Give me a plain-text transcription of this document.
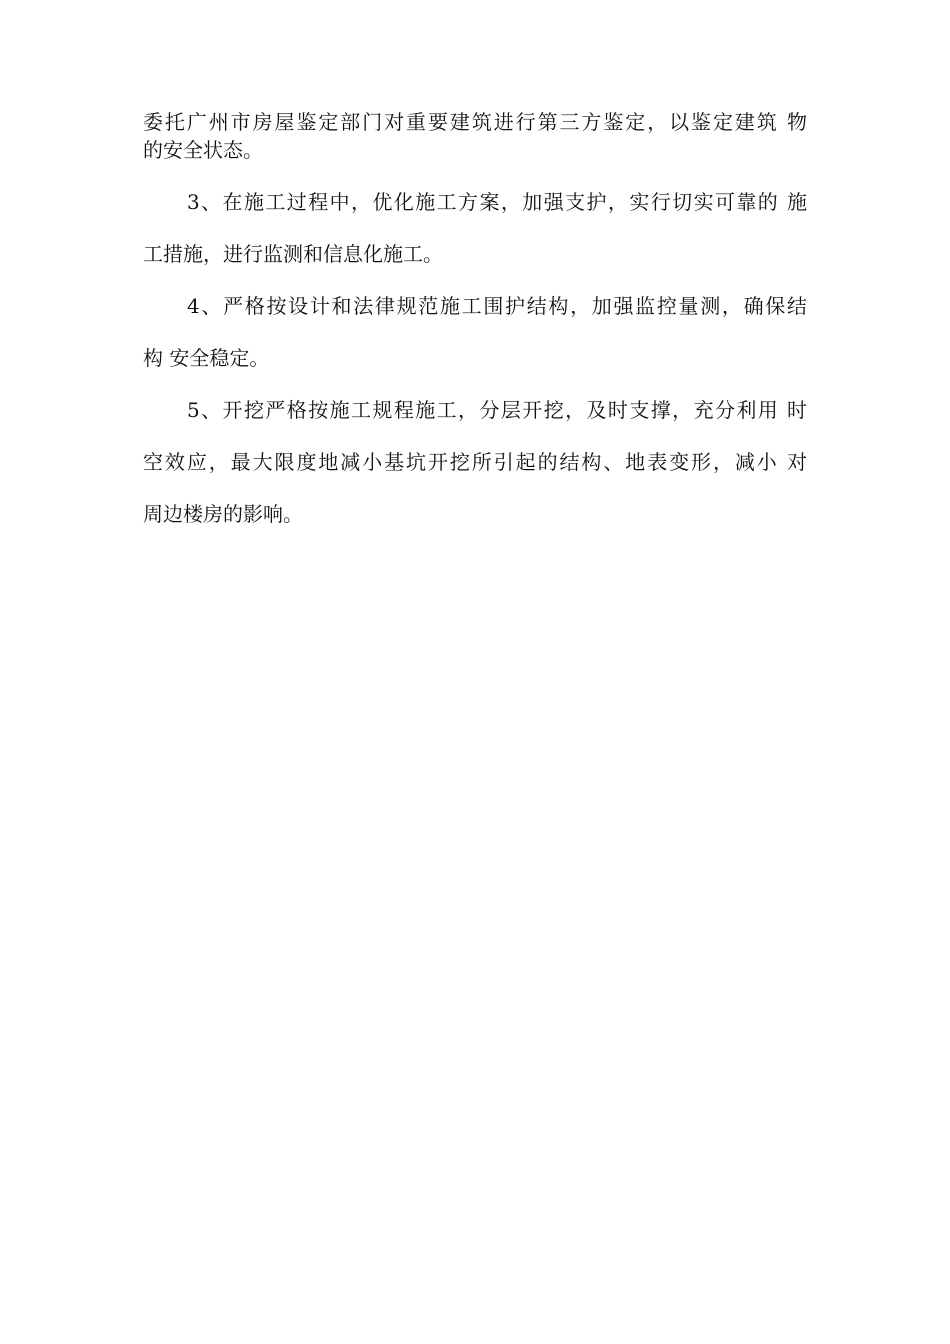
委托广州市房屋鉴定部门对重要建筑进行第三方鉴定，以鉴定建筑 物

的安全状态。

3、在施工过程中，优化施工方案，加强支护，实行切实可靠的 施

工措施，进行监测和信息化施工。

4、严格按设计和法律规范施工围护结构，加强监控量测，确保结

构 安全稳定。

5、开挖严格按施工规程施工，分层开挖，及时支撑，充分利用 时

空效应，最大限度地减小基坑开挖所引起的结构、地表变形，减小 对

周边楼房的影响。
